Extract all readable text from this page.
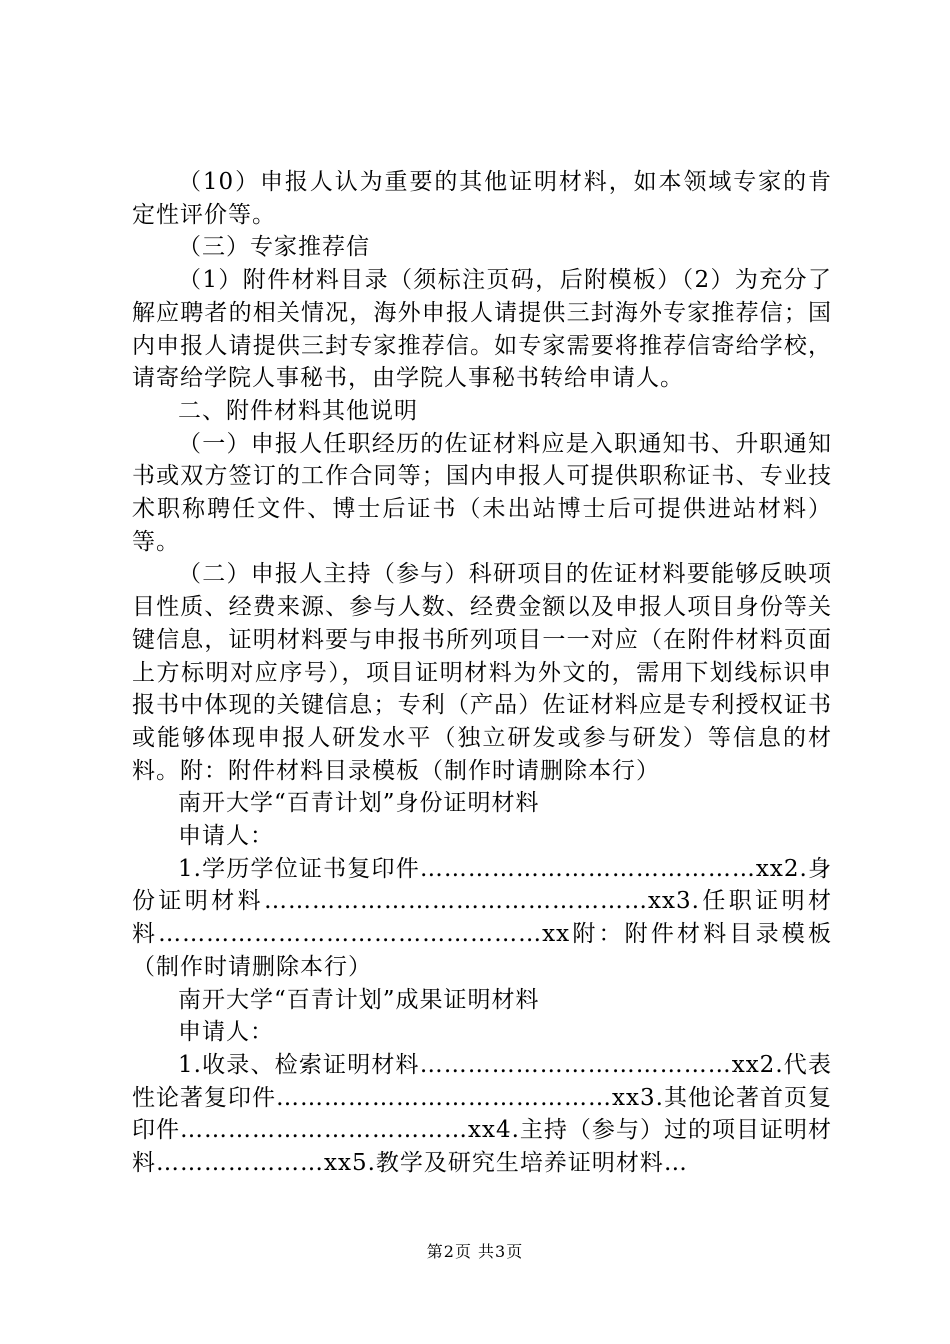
（10）申报人认为重要的其他证明材料，如本领域专家的肯定性评价等。

（三）专家推荐信

（1）附件材料目录（须标注页码，后附模板）（2）为充分了解应聘者的相关情况，海外申报人请提供三封海外专家推荐信；国内申报人请提供三封专家推荐信。如专家需要将推荐信寄给学校，请寄给学院人事秘书，由学院人事秘书转给申请人。

二、附件材料其他说明

（一）申报人任职经历的佐证材料应是入职通知书、升职通知书或双方签订的工作合同等；国内申报人可提供职称证书、专业技术职称聘任文件、博士后证书（未出站博士后可提供进站材料）等。

（二）申报人主持（参与）科研项目的佐证材料要能够反映项目性质、经费来源、参与人数、经费金额以及申报人项目身份等关键信息，证明材料要与申报书所列项目一一对应（在附件材料页面上方标明对应序号），项目证明材料为外文的，需用下划线标识申报书中体现的关键信息；专利（产品）佐证材料应是专利授权证书或能够体现申报人研发水平（独立研发或参与研发）等信息的材料。附：附件材料目录模板（制作时请删除本行）

南开大学“百青计划”身份证明材料

申请人：

1.学历学位证书复印件……………………………………xx2.身份证明材料…………………………………………xx3.任职证明材料…………………………………………xx附：附件材料目录模板（制作时请删除本行）

南开大学“百青计划”成果证明材料

申请人：

1.收录、检索证明材料…………………………………xx2.代表性论著复印件……………………………………xx3.其他论著首页复印件………………………………xx4.主持（参与）过的项目证明材料…………………xx5.教学及研究生培养证明材料…

第2页 共3页
